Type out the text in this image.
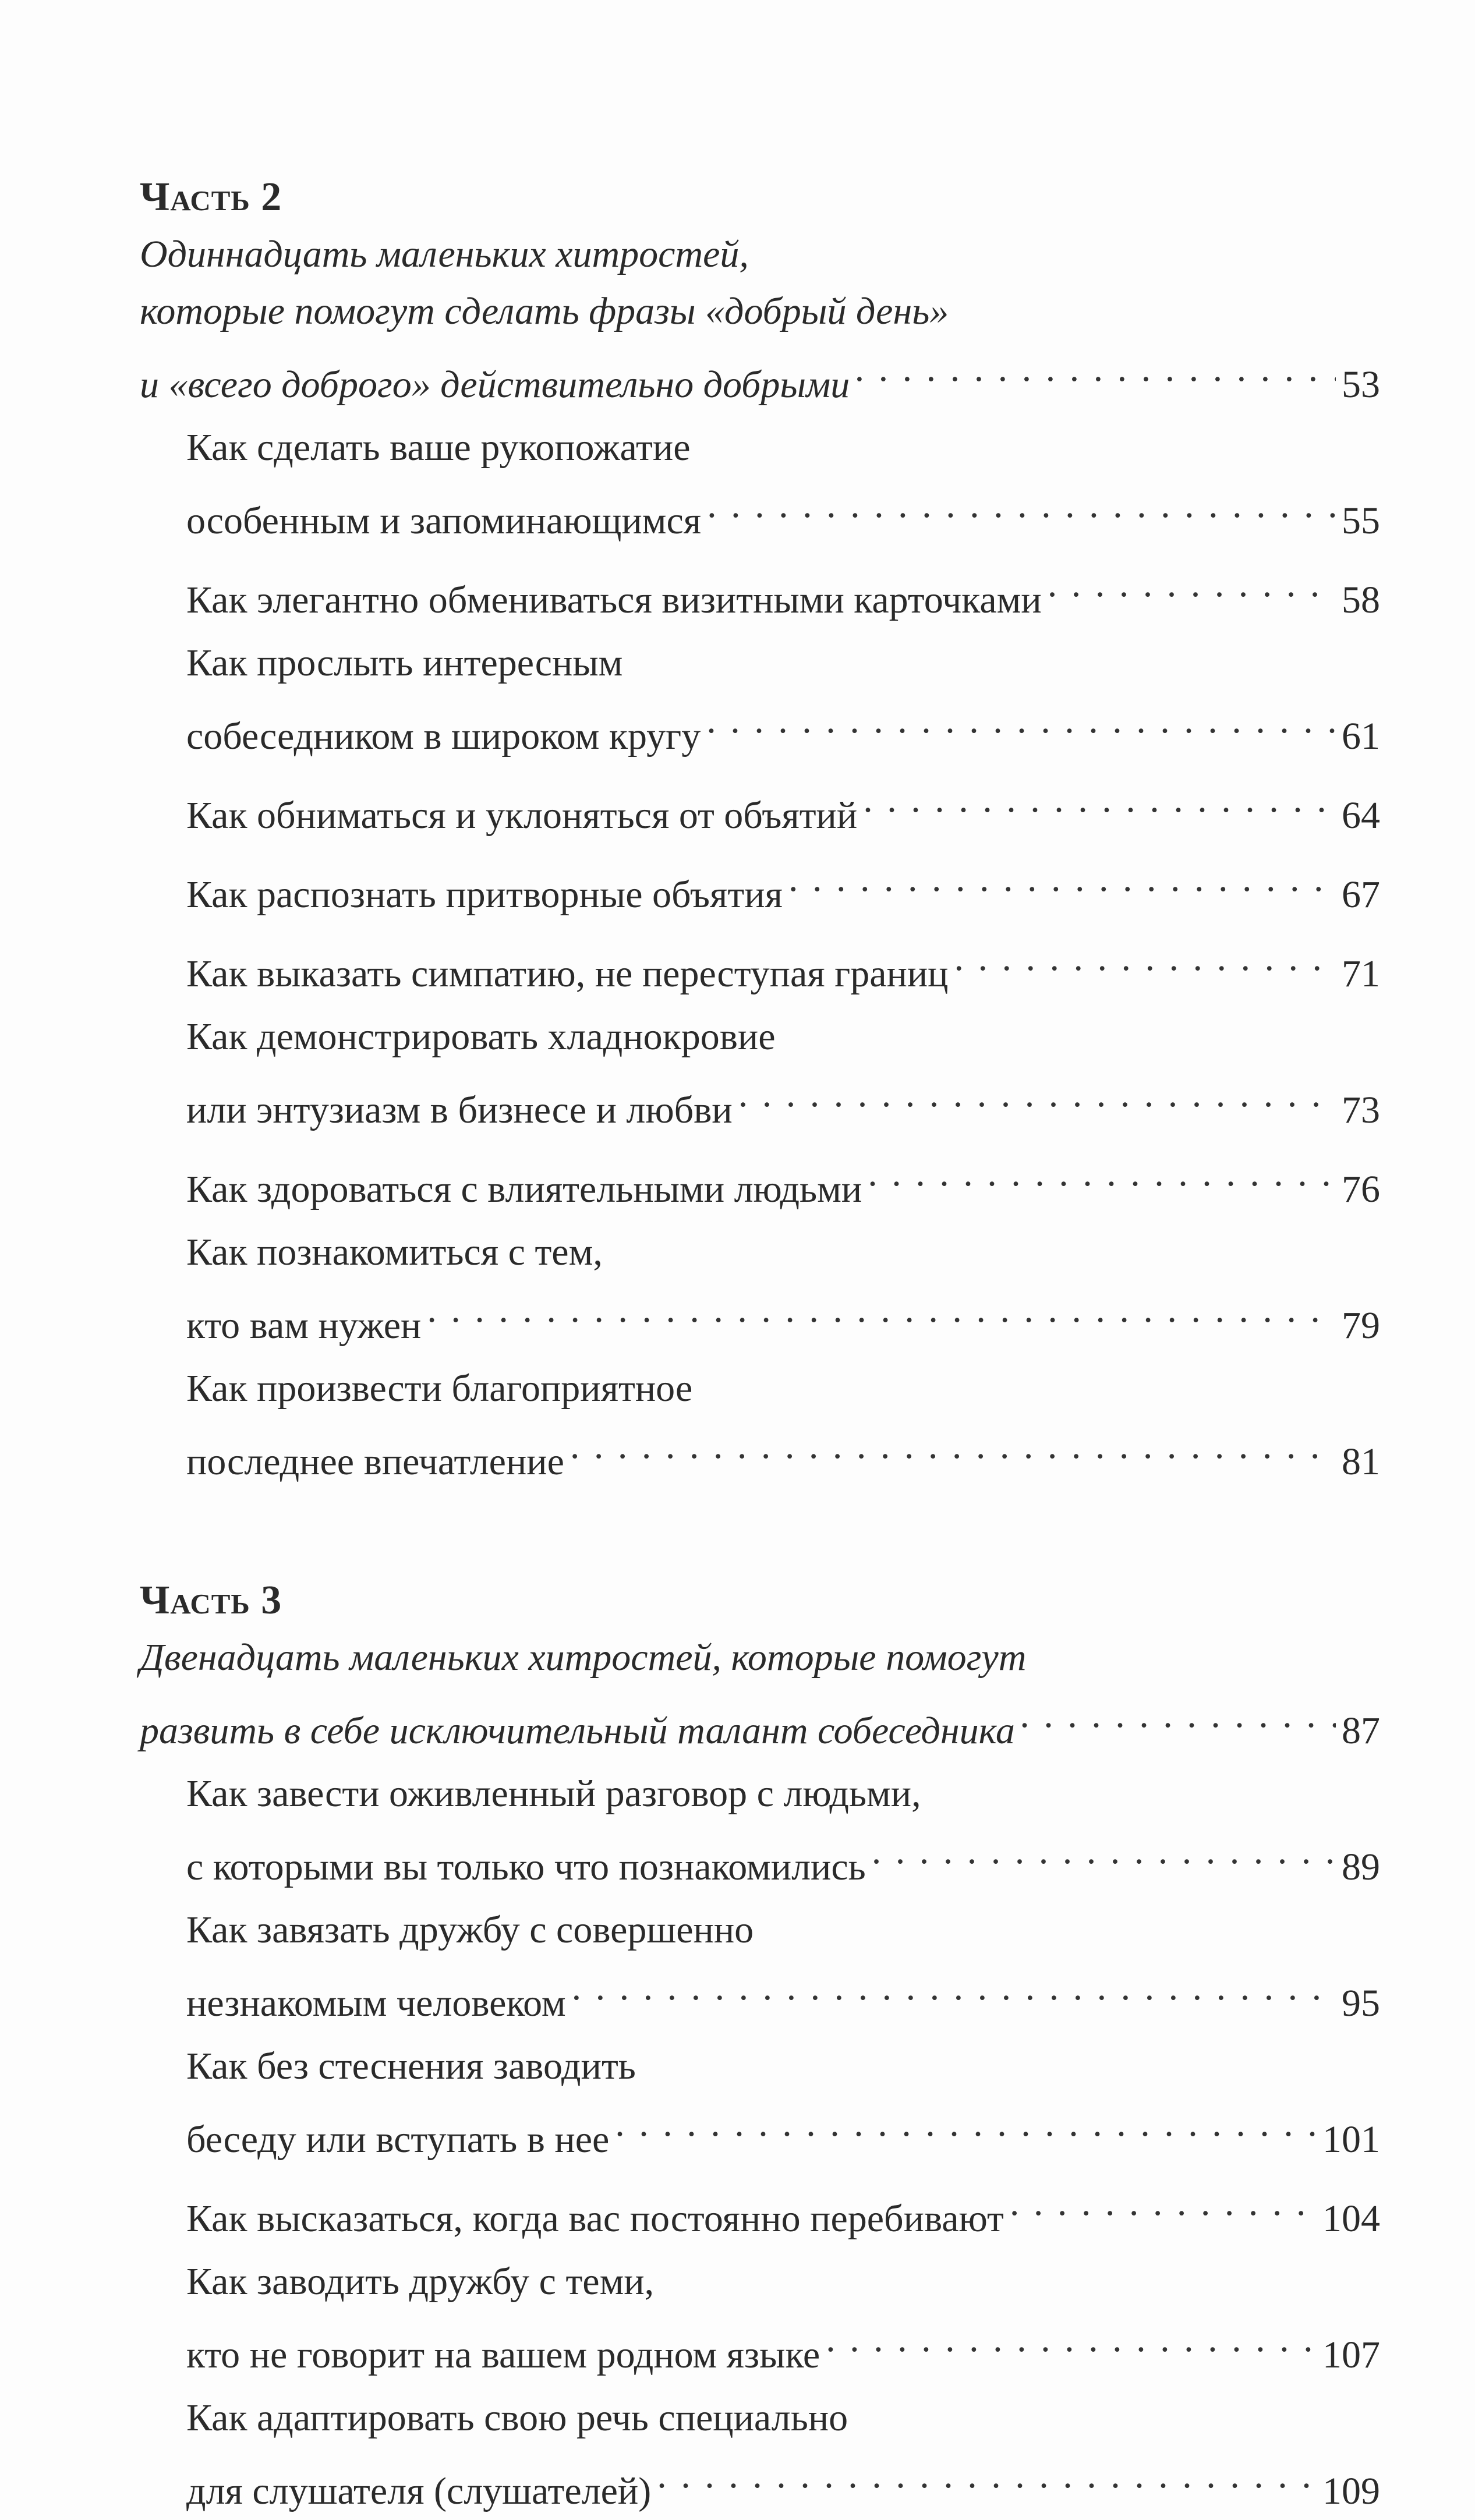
Часть 2
Одиннадцать маленьких хитростей,
которые помогут сделать фразы «добрый день»
и «всего доброго» действительно добрыми . . .	53
Как сделать ваше рукопожатие
особенным и запоминающимся . . .	55
Как элегантно обмениваться визитными карточками . . .	58
Как прослыть интересным
собеседником в широком кругу . . .	61
Как обниматься и уклоняться от объятий . . .	64
Как распознать притворные объятия . . .	67
Как выказать симпатию, не переступая границ . . .	71
Как демонстрировать хладнокровие
или энтузиазм в бизнесе и любви . . .	73
Как здороваться с влиятельными людьми . . .	76
Как познакомиться с тем,
кто вам нужен . . .	79
Как произвести благоприятное
последнее впечатление . . .	81
Часть 3
Двенадцать маленьких хитростей, которые помогут
развить в себе исключительный талант собеседника . . .	87
Как завести оживленный разговор с людьми,
с которыми вы только что познакомились . . .	89
Как завязать дружбу с совершенно
незнакомым человеком . . .	95
Как без стеснения заводить
беседу или вступать в нее . . .	101
Как высказаться, когда вас постоянно перебивают . . .	104
Как заводить дружбу с теми,
кто не говорит на вашем родном языке . . .	107
Как адаптировать свою речь специально
для слушателя (слушателей) . . .	109
